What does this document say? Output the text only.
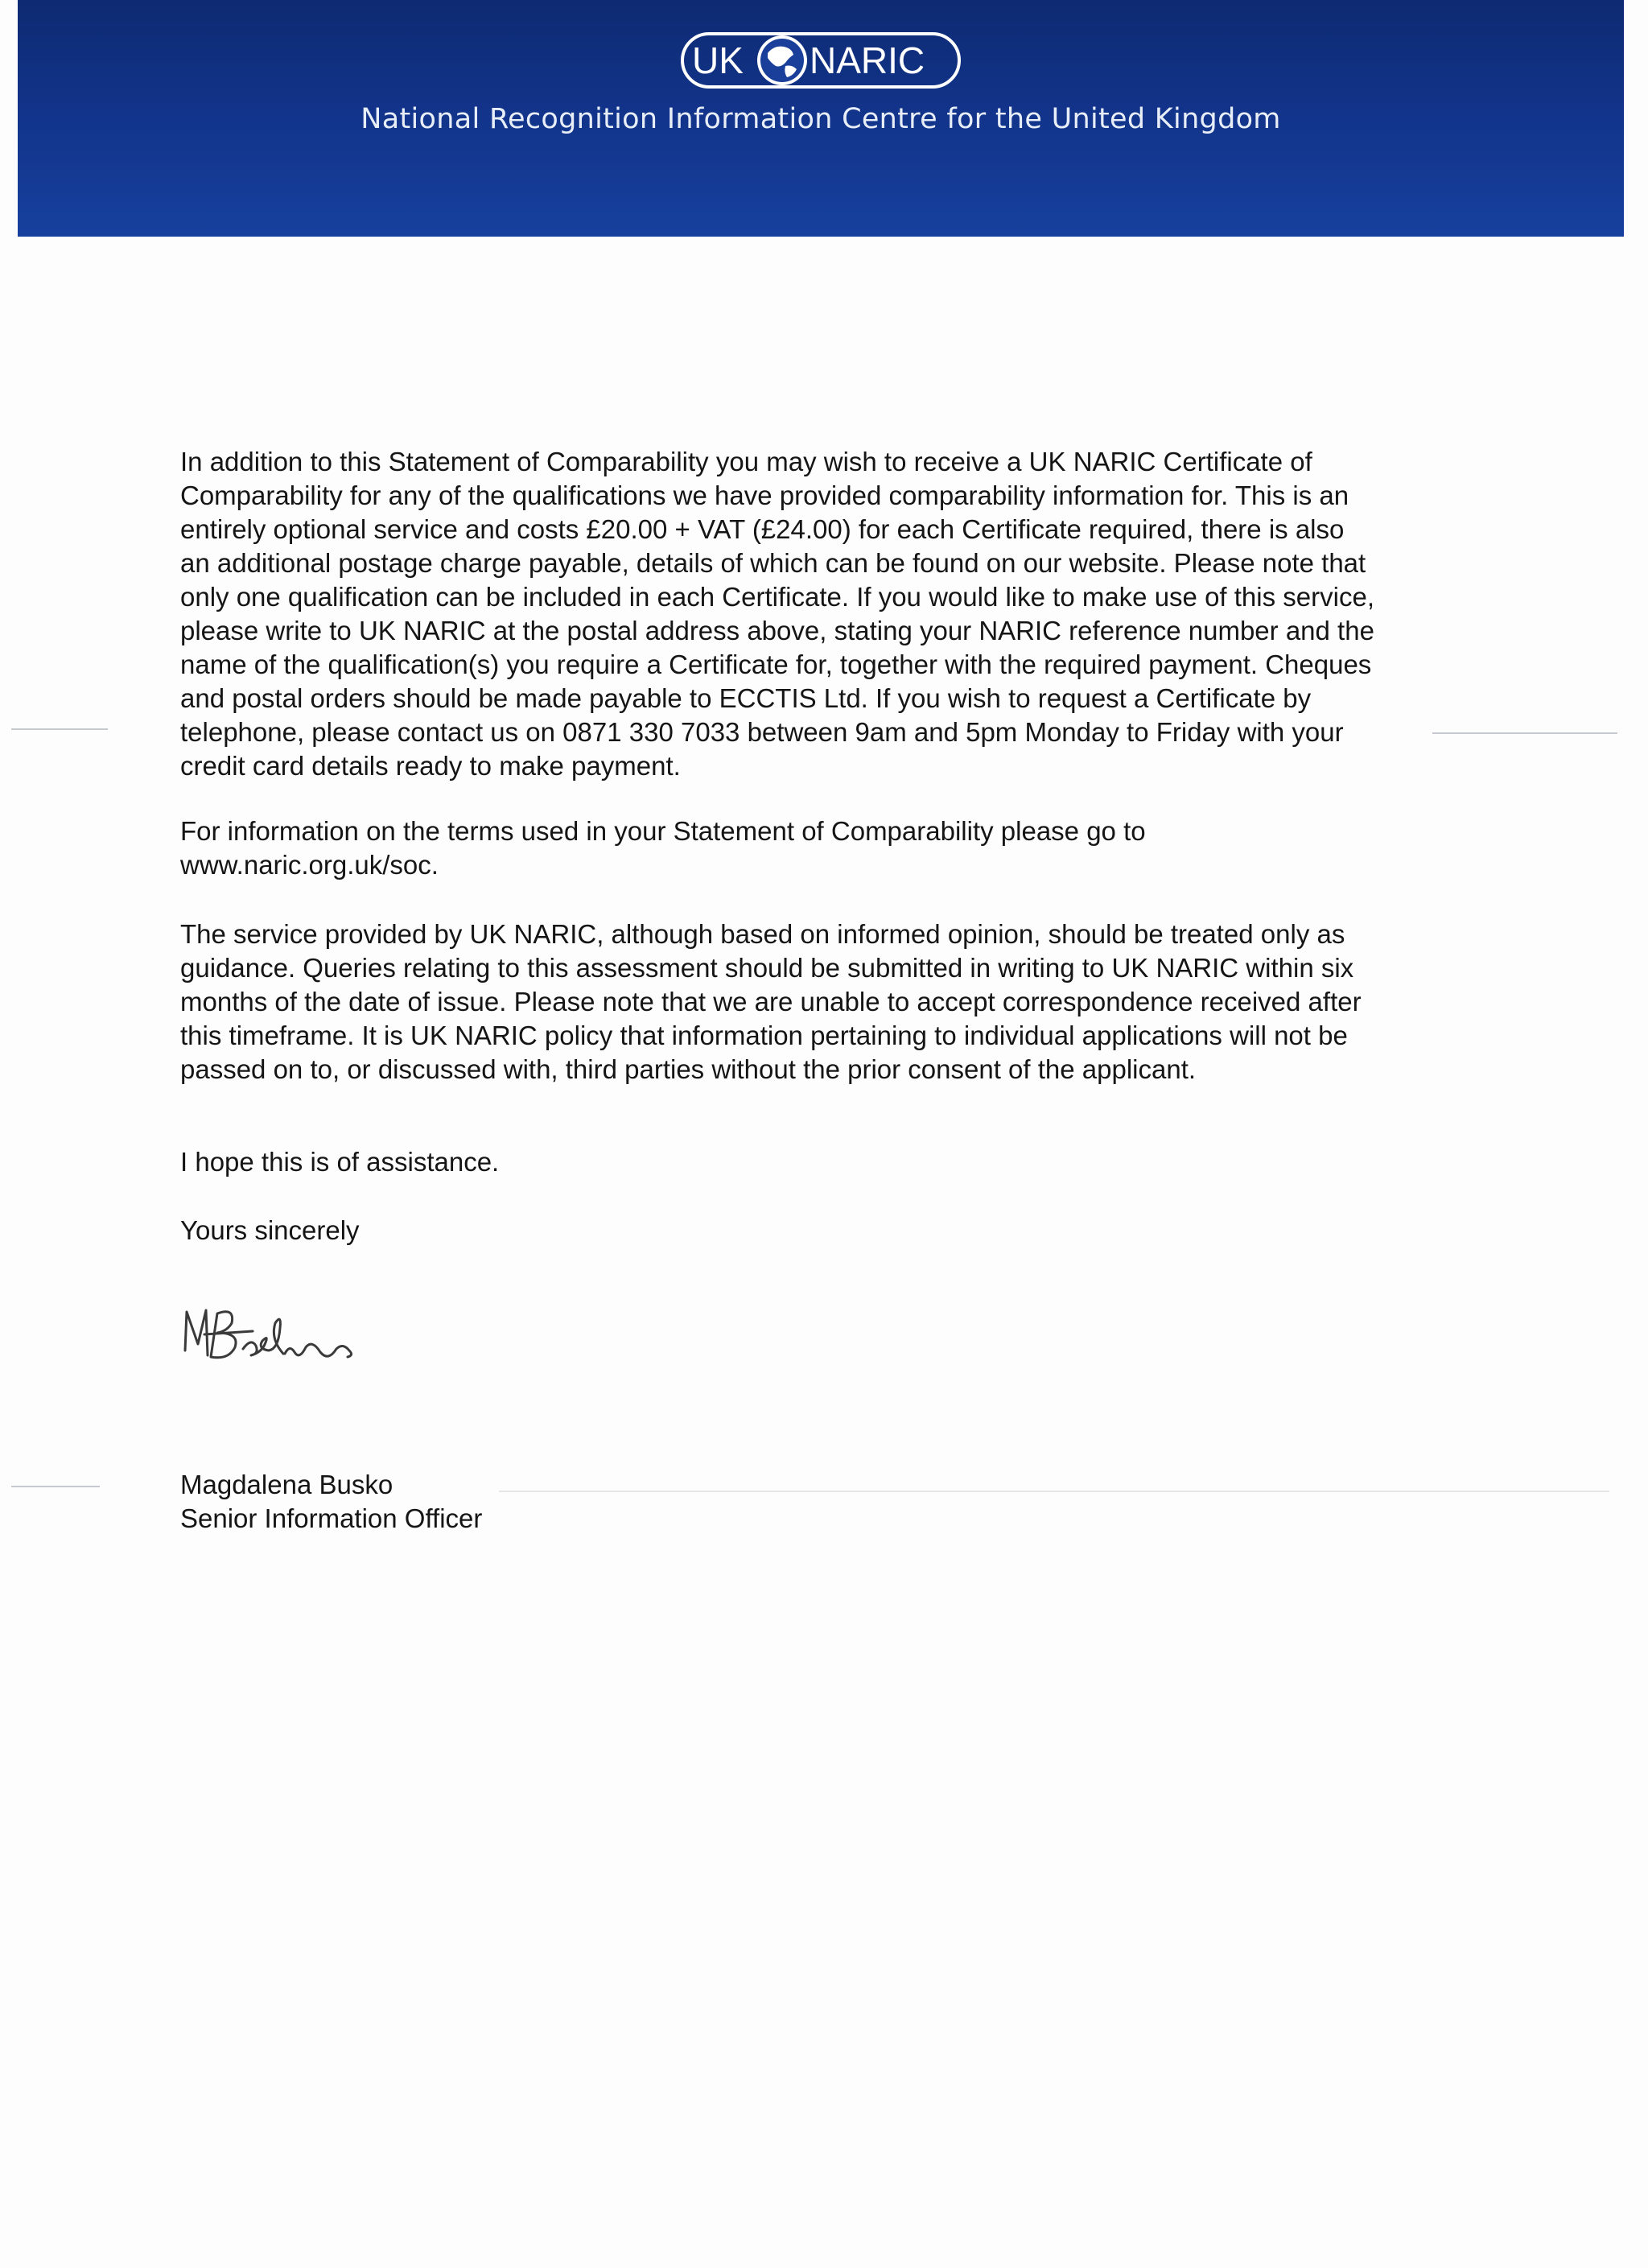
UK NARIC
National Recognition Information Centre for the United Kingdom

In addition to this Statement of Comparability you may wish to receive a UK NARIC Certificate of

Comparability for any of the qualifications we have provided comparability information for. This is an

entirely optional service and costs £20.00 + VAT (£24.00) for each Certificate required, there is also

an additional postage charge payable, details of which can be found on our website. Please note that

only one qualification can be included in each Certificate. If you would like to make use of this service,

please write to UK NARIC at the postal address above, stating your NARIC reference number and the

name of the qualification(s) you require a Certificate for, together with the required payment. Cheques

and postal orders should be made payable to ECCTIS Ltd. If you wish to request a Certificate by

telephone, please contact us on 0871 330 7033 between 9am and 5pm Monday to Friday with your

credit card details ready to make payment.

For information on the terms used in your Statement of Comparability please go to

www.naric.org.uk/soc.

The service provided by UK NARIC, although based on informed opinion, should be treated only as

guidance. Queries relating to this assessment should be submitted in writing to UK NARIC within six

months of the date of issue. Please note that we are unable to accept correspondence received after

this timeframe. It is UK NARIC policy that information pertaining to individual applications will not be

passed on to, or discussed with, third parties without the prior consent of the applicant.

I hope this is of assistance.
Yours sincerely
Magdalena Busko
Senior Information Officer
